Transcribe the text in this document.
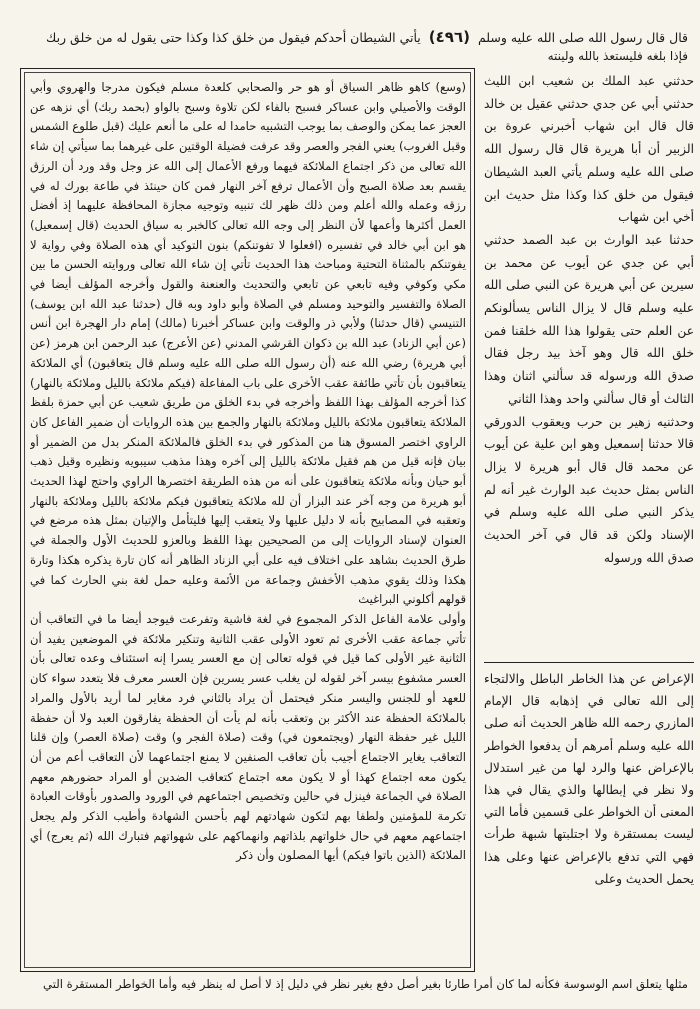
قال قال رسول الله صلى الله عليه وسلم (٤٩٦) يأتي الشيطان أحدكم فيقول من خلق كذا وكذا حتى يقول له من خلق ربك
فإذا بلغه فليستعذ بالله ولينته

(وسع) كاهو ظاهر السياق أو هو حر والصحابي كلعدة مسلم فيكون مدرجا والهروي وأبي الوقت والأصيلي وابن عساكر فسبح بالفاء لكن تلاوة وسبح بالواو (بحمد ربك) أي نزهه عن العجز عما يمكن والوصف بما يوجب التشبيه حامدا له على ما أنعم عليك (قبل طلوع الشمس وقبل الغروب) يعني الفجر والعصر وقد عرفت فضيلة الوقتين على غيرهما بما سيأتي إن شاء الله تعالى من ذكر اجتماع الملائكة فيهما ورفع الأعمال إلى الله عز وجل وقد ورد أن الرزق يقسم بعد صلاة الصبح وأن الأعمال ترفع آخر النهار فمن كان حينئذ في طاعة بورك له في رزقه وعمله والله أعلم ومن ذلك ظهر لك تنبيه وتوجيه مجازة المحافظة عليهما إذ أفضل العمل أكثرها وأعمها لأن النظر إلى وجه الله تعالى كالخبر به سياق الحديث (قال إسمعيل) هو ابن أبي خالد في تفسيره (افعلوا لا تفوتنكم) بنون التوكيد أي هذه الصلاة وفي رواية لا يفوتنكم بالمثناة التحتية ومباحث هذا الحديث تأتي إن شاء الله تعالى وروايته الحسن ما بين مكي وكوفي وفيه تابعي عن تابعي والتحديث والعنعنة والقول وأخرجه المؤلف أيضا في الصلاة والتفسير والتوحيد ومسلم في الصلاة وأبو داود وبه قال (حدثنا عبد الله ابن يوسف) التنيسي (قال حدثنا) ولأبي ذر والوقت وابن عساكر أخبرنا (مالك) إمام دار الهجرة ابن أنس (عن أبي الزناد) عبد الله بن ذكوان القرشي المدني (عن الأعرج) عبد الرحمن ابن هرمز (عن أبي هريرة) رضي الله عنه (أن رسول الله صلى الله عليه وسلم قال يتعاقبون) أي الملائكة يتعاقبون بأن تأتي طائفة عقب الأخرى على باب المفاعلة (فيكم ملائكة بالليل وملائكة بالنهار) كذا أخرجه المؤلف بهذا اللفظ وأخرجه في بدء الخلق من طريق شعيب عن أبي حمزة بلفظ الملائكة يتعاقبون ملائكة بالليل وملائكة بالنهار والجمع بين هذه الروايات أن ضمير الفاعل كان الراوي اختصر المسوق هنا من المذكور في بدء الخلق فالملائكة المنكر بدل من الضمير أو بيان فإنه قيل من هم فقيل ملائكة بالليل إلى آخره وهذا مذهب سيبويه ونظيره وقيل ذهب أبو حيان وبأنه ملائكة يتعاقبون على أنه من هذه الطريقة اختصرها الراوي واحتج لهذا الحديث أبو هريرة من وجه آخر عند البزار أن لله ملائكة يتعاقبون فيكم ملائكة بالليل وملائكة بالنهار وتعقبه في المصابيح بأنه لا دليل عليها ولا يتعقب إليها فليتأمل والإتيان بمثل هذه مرضع في العنوان لإسناد الروايات إلى من الصحيحين بهذا اللفظ وبالعزو للحديث الأول والجملة في طرق الحديث بشاهد على اختلاف فيه على أبي الزناد الظاهر أنه كان تارة يذكره هكذا وتارة هكذا وذلك يقوي مذهب الأخفش وجماعة من الأئمة وعليه حمل لغة بني الحارث كما في قولهم أكلوني البراغيث

وأولى علامة الفاعل الذكر المجموع في لغة فاشية وتفرعت فيوجد أيضا ما في التعاقب أن تأتي جماعة عقب الأخرى ثم تعود الأولى عقب الثانية وتنكير ملائكة في الموضعين يفيد أن الثانية غير الأولى كما قيل في قوله تعالى إن مع العسر يسرا إنه استئناف وعده تعالى بأن العسر مشفوع بيسر آخر لقوله لن يغلب عسر يسرين فإن العسر معرف فلا يتعدد سواء كان للعهد أو للجنس واليسر منكر فيحتمل أن يراد بالثاني فرد مغاير لما أريد بالأول والمراد بالملائكة الحفظة عند الأكثر بن وتعقب بأنه لم يأت أن الحفظة يفارقون العبد ولا أن حفظة الليل غير حفظة النهار (ويجتمعون في) وقت (صلاة الفجر و) وقت (صلاة العصر) وإن قلنا التعاقب يغاير الاجتماع أجيب بأن تعاقب الصنفين لا يمنع اجتماعهما لأن التعاقب أعم من أن يكون معه اجتماع كهذا أو لا يكون معه اجتماع كتعاقب الضدين أو المراد حضورهم معهم الصلاة في الجماعة فينزل في حالين وتخصيص اجتماعهم في الورود والصدور بأوقات العبادة تكرمة للمؤمنين ولطفا بهم لتكون شهادتهم لهم بأحسن الشهادة وأطيب الذكر ولم يجعل اجتماعهم معهم في حال خلواتهم بلذاتهم وانهماكهم على شهواتهم فتبارك الله (ثم يعرج) أي الملائكة (الذين باتوا فيكم) أيها المصلون وأن ذكر

حدثني عبد الملك بن شعيب ابن الليث حدثني أبي عن جدي حدثني عقيل بن خالد قال قال ابن شهاب أخبرني عروة بن الزبير أن أبا هريرة قال قال رسول الله صلى الله عليه وسلم يأتي العبد الشيطان فيقول من خلق كذا وكذا مثل حديث ابن أخي ابن شهاب

حدثنا عبد الوارث بن عبد الصمد حدثني أبي عن جدي عن أيوب عن محمد بن سيرين عن أبي هريرة عن النبي صلى الله عليه وسلم قال لا يزال الناس يسألونكم عن العلم حتى يقولوا هذا الله خلقنا فمن خلق الله قال وهو آخذ بيد رجل فقال صدق الله ورسوله قد سألني اثنان وهذا الثالث أو قال سألني واحد وهذا الثاني

وحدثنيه زهير بن حرب ويعقوب الدورقي قالا حدثنا إسمعيل وهو ابن علية عن أيوب عن محمد قال قال أبو هريرة لا يزال الناس بمثل حديث عبد الوارث غير أنه لم يذكر النبي صلى الله عليه وسلم في الإسناد ولكن قد قال في آخر الحديث صدق الله ورسوله

الإعراض عن هذا الخاطر الباطل والالتجاء إلى الله تعالى في إذهابه قال الإمام المازري رحمه الله ظاهر الحديث أنه صلى الله عليه وسلم أمرهم أن يدفعوا الخواطر بالإعراض عنها والرد لها من غير استدلال ولا نظر في إبطالها والذي يقال في هذا المعنى أن الخواطر على قسمين فأما التي ليست بمستقرة ولا اجتلبتها شبهة طرأت فهي التي تدفع بالإعراض عنها وعلى هذا يحمل الحديث وعلى

مثلها يتعلق اسم الوسوسة فكأنه لما كان أمرا طارئا بغير أصل دفع بغير نظر في دليل إذ لا أصل له ينظر فيه وأما الخواطر المستقرة التي
